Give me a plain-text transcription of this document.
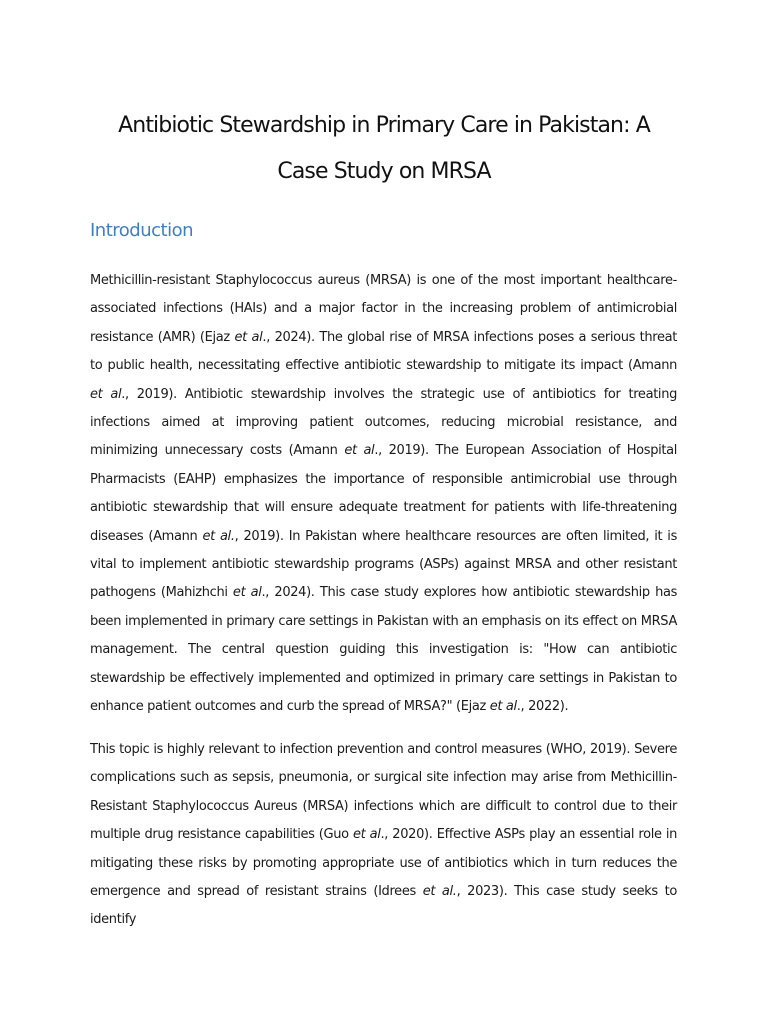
Antibiotic Stewardship in Primary Care in Pakistan: A Case Study on MRSA
Introduction

Methicillin-resistant Staphylococcus aureus (MRSA) is one of the most important healthcare-associated infections (HAIs) and a major factor in the increasing problem of antimicrobial resistance (AMR) (Ejaz et al., 2024). The global rise of MRSA infections poses a serious threat to public health, necessitating effective antibiotic stewardship to mitigate its impact (Amann et al., 2019). Antibiotic stewardship involves the strategic use of antibiotics for treating infections aimed at improving patient outcomes, reducing microbial resistance, and minimizing unnecessary costs (Amann et al., 2019). The European Association of Hospital Pharmacists (EAHP) emphasizes the importance of responsible antimicrobial use through antibiotic stewardship that will ensure adequate treatment for patients with life-threatening diseases (Amann et al., 2019). In Pakistan where healthcare resources are often limited, it is vital to implement antibiotic stewardship programs (ASPs) against MRSA and other resistant pathogens (Mahizhchi et al., 2024). This case study explores how antibiotic stewardship has been implemented in primary care settings in Pakistan with an emphasis on its effect on MRSA management. The central question guiding this investigation is: "How can antibiotic stewardship be effectively implemented and optimized in primary care settings in Pakistan to enhance patient outcomes and curb the spread of MRSA?" (Ejaz et al., 2022).

This topic is highly relevant to infection prevention and control measures (WHO, 2019). Severe complications such as sepsis, pneumonia, or surgical site infection may arise from Methicillin-Resistant Staphylococcus Aureus (MRSA) infections which are difficult to control due to their multiple drug resistance capabilities (Guo et al., 2020). Effective ASPs play an essential role in mitigating these risks by promoting appropriate use of antibiotics which in turn reduces the emergence and spread of resistant strains (Idrees et al., 2023). This case study seeks to identify
